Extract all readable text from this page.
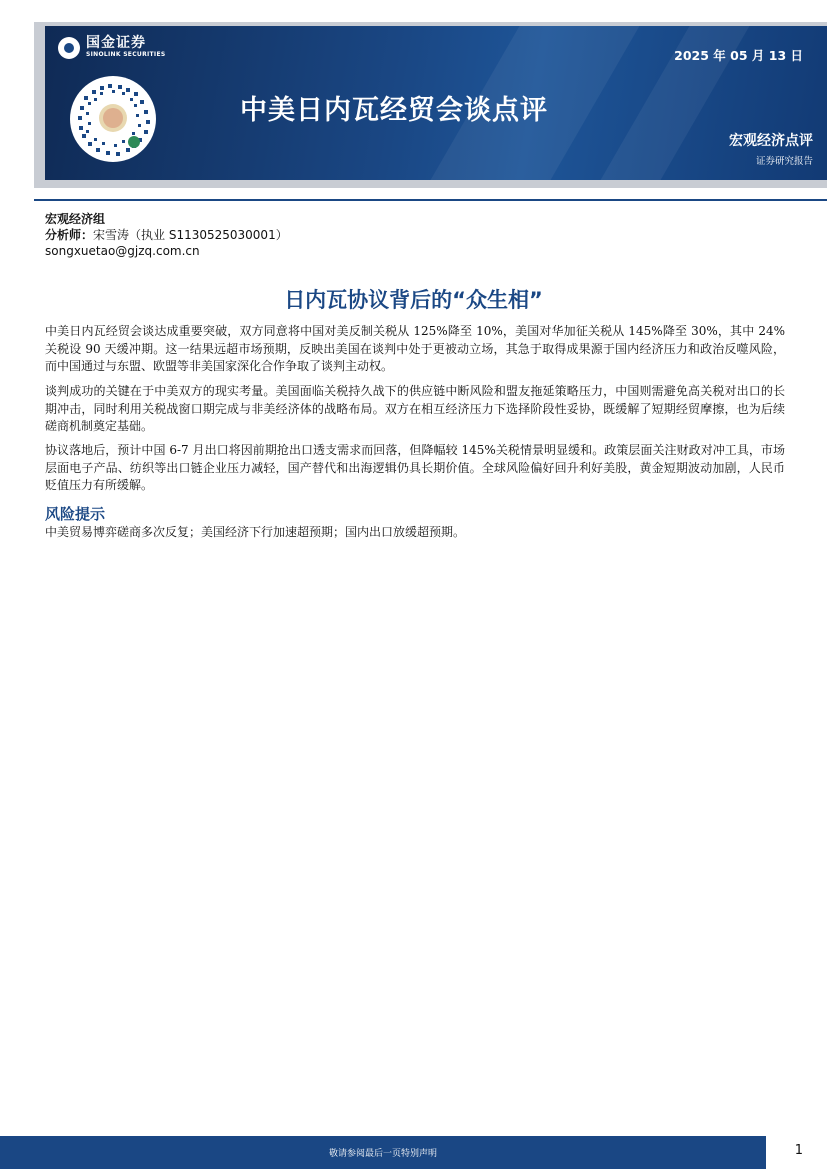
国金证券
SINOLINK SECURITIES	2025 年 05 月 13 日
中美日内瓦经贸会谈点评
宏观经济点评
证券研究报告
宏观经济组
分析师：宋雪涛（执业 S1130525030001）
songxuetao@gjzq.com.cn
日内瓦协议背后的“众生相”
中美日内瓦经贸会谈达成重要突破，双方同意将中国对美反制关税从 125%降至 10%，美国对华加征关税从 145%降至 30%，其中 24%关税设 90 天缓冲期。这一结果远超市场预期，反映出美国在谈判中处于更被动立场，其急于取得成果源于国内经济压力和政治反噬风险，而中国通过与东盟、欧盟等非美国家深化合作争取了谈判主动权。
谈判成功的关键在于中美双方的现实考量。美国面临关税持久战下的供应链中断风险和盟友拖延策略压力，中国则需避免高关税对出口的长期冲击，同时利用关税战窗口期完成与非美经济体的战略布局。双方在相互经济压力下选择阶段性妥协，既缓解了短期经贸摩擦，也为后续磋商机制奠定基础。
协议落地后，预计中国 6-7 月出口将因前期抢出口透支需求而回落，但降幅较 145%关税情景明显缓和。政策层面关注财政对冲工具，市场层面电子产品、纺织等出口链企业压力减轻，国产替代和出海逻辑仍具长期价值。全球风险偏好回升利好美股，黄金短期波动加剧，人民币贬值压力有所缓解。
风险提示
中美贸易博弈磋商多次反复；美国经济下行加速超预期；国内出口放缓超预期。
敬请参阅最后一页特别声明	1
